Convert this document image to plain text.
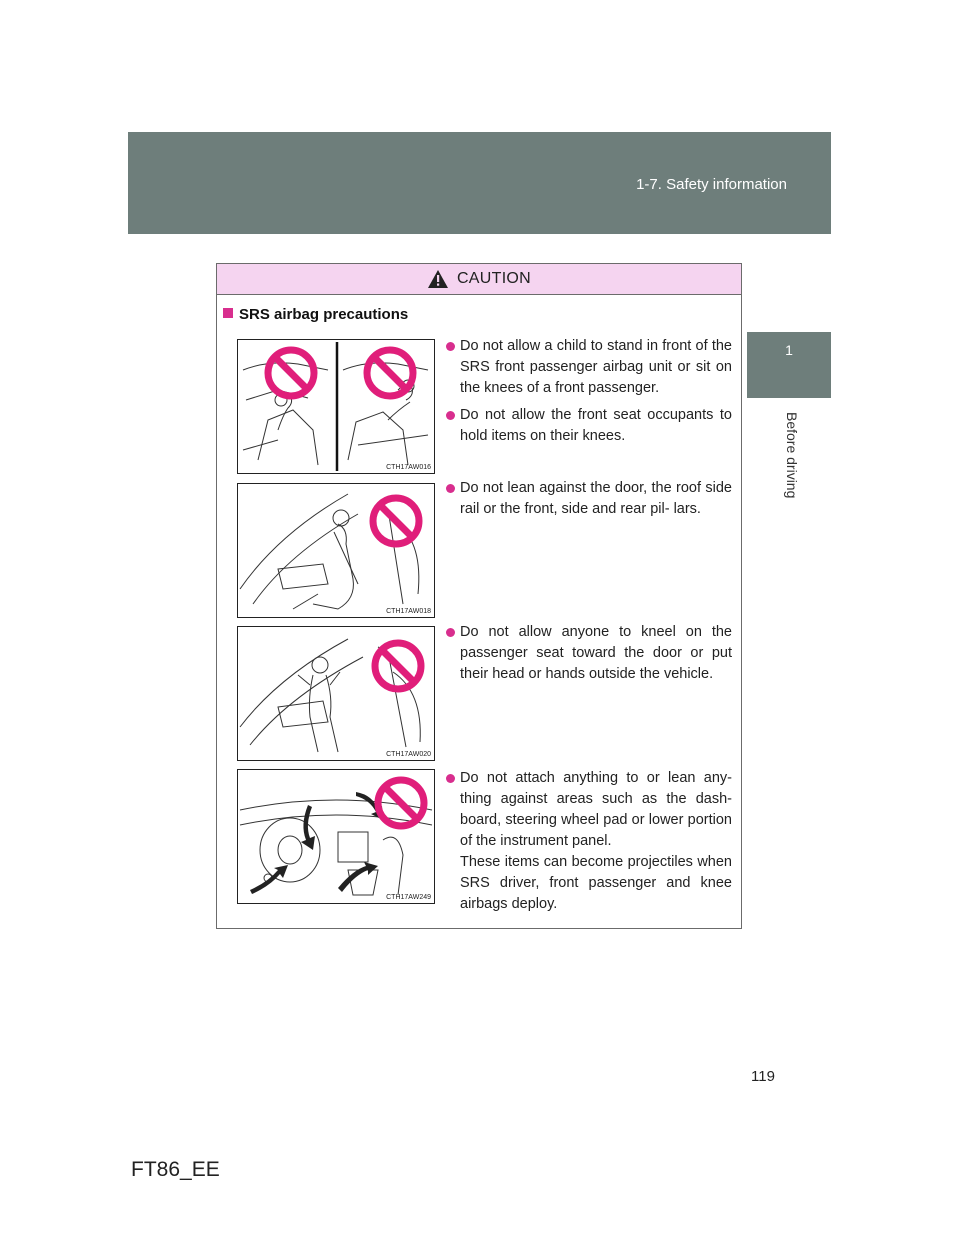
1-7. Safety information
1
Before driving
CAUTION
SRS airbag precautions
CTH17AW016

Do not allow a child to stand in front of the SRS front passenger airbag unit or sit on the knees of a front passenger.

Do not allow the front seat occupants to hold items on their knees.

CTH17AW018

Do not lean against the door, the roof side rail or the front, side and rear pil- lars.

CTH17AW020

Do not allow anyone to kneel on the passenger seat toward the door or put their head or hands outside the vehicle.

CTH17AW249

Do not attach anything to or lean any- thing against areas such as the dash- board, steering wheel pad or lower portion of the instrument panel.

These items can become projectiles when SRS driver, front passenger and knee airbags deploy.

119
FT86_EE
